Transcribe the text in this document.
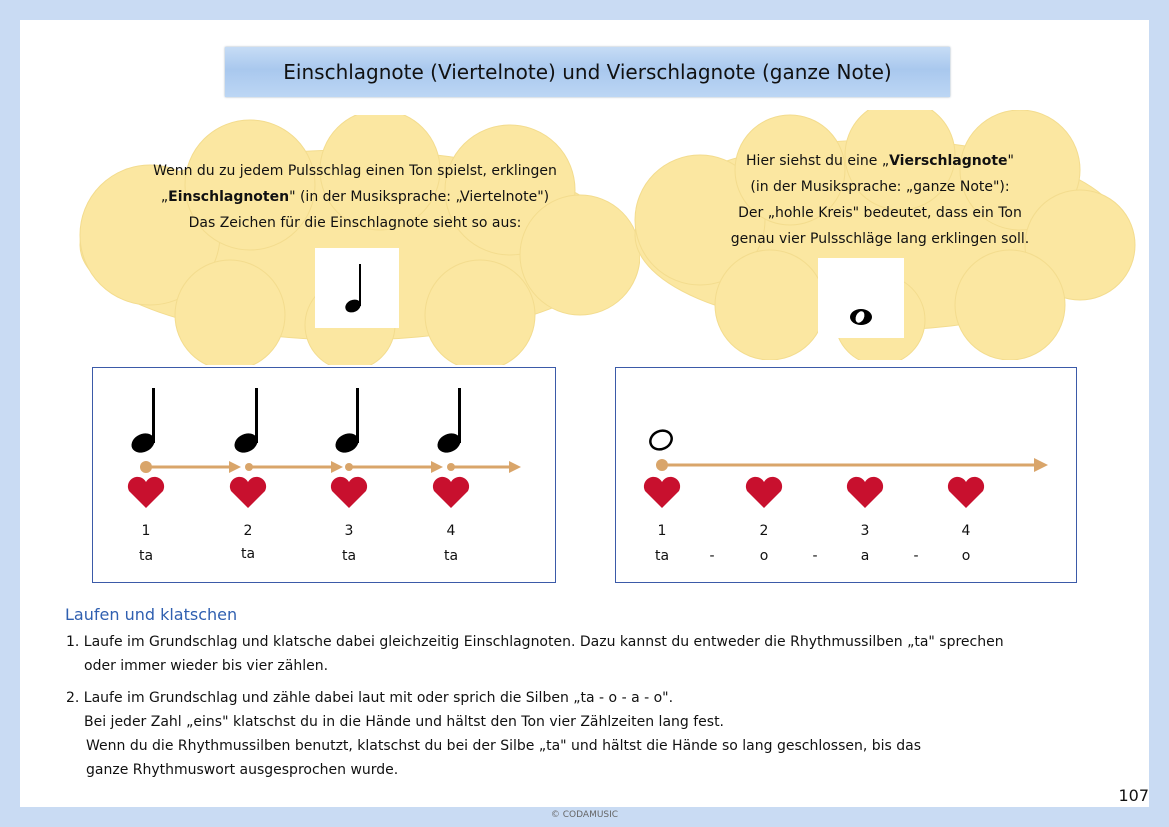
Einschlagnote (Viertelnote) und Vierschlagnote (ganze Note)
Wenn du zu jedem Pulsschlag einen Ton spielst, erklingen
„Einschlagnoten" (in der Musiksprache: „Viertelnote")
Das Zeichen für die Einschlagnote sieht so aus:
Hier siehst du eine „Vierschlagnote"
(in der Musiksprache: „ganze Note"):
Der „hohle Kreis" bedeutet, dass ein Ton
genau vier Pulsschläge lang erklingen soll.
1	2	3	4
ta	ta	ta	ta
1	2	3	4
ta	-	o	-	a	-	o
Laufen und klatschen
1. Laufe im Grundschlag und klatsche dabei gleichzeitig Einschlagnoten. Dazu kannst du entweder die Rhythmussilben „ta" sprechen
oder immer wieder bis vier zählen.
2. Laufe im Grundschlag und zähle dabei laut mit oder sprich die Silben „ta - o - a - o".
Bei jeder Zahl „eins" klatschst du in die Hände und hältst den Ton vier Zählzeiten lang fest.
Wenn du die Rhythmussilben benutzt, klatschst du bei der Silbe „ta" und hältst die Hände so lang geschlossen, bis das
ganze Rhythmuswort ausgesprochen wurde.
107
© CODAMUSIC
